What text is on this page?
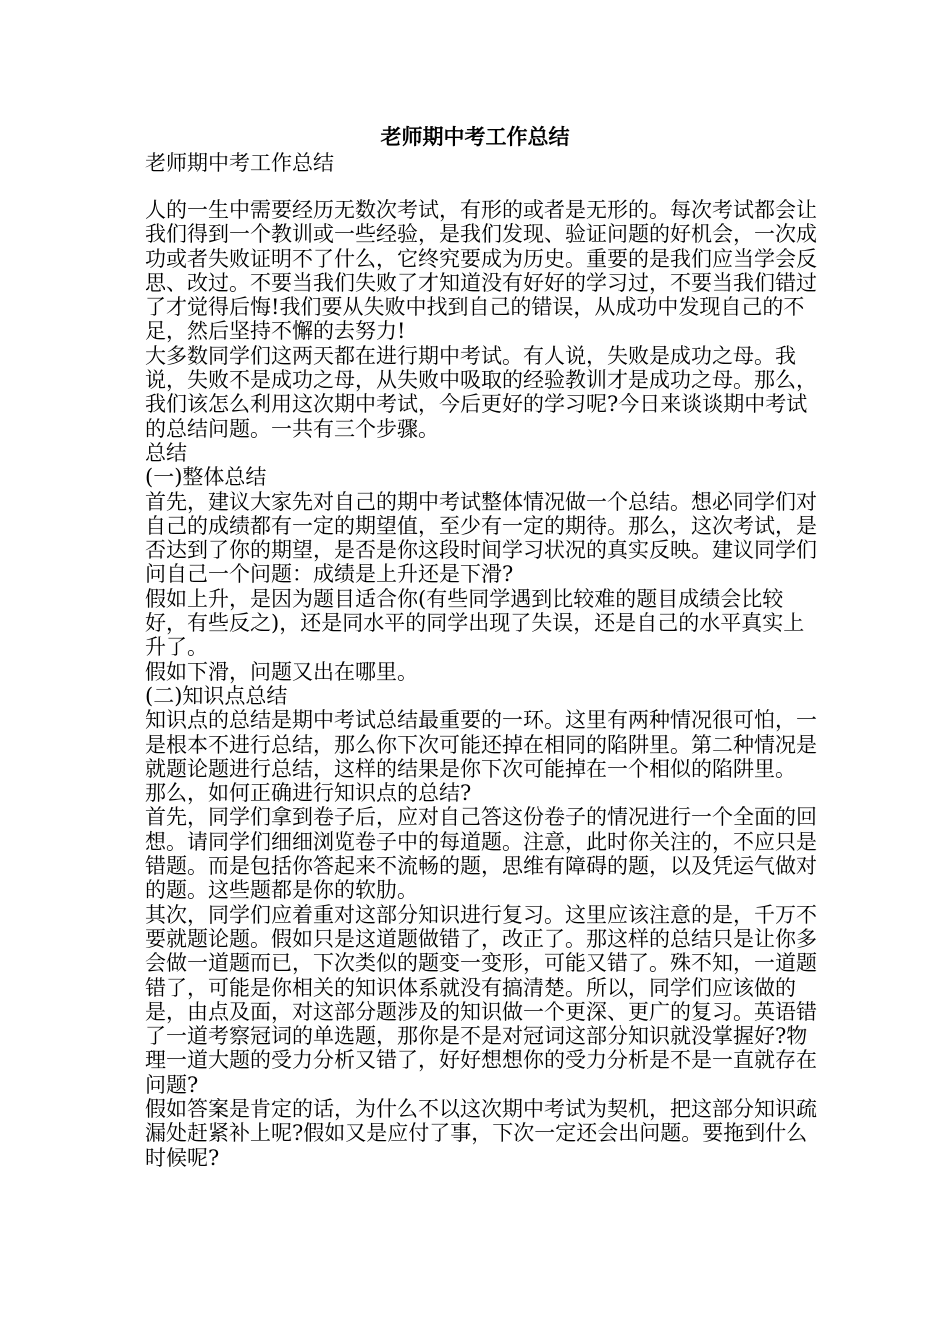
老师期中考工作总结
老师期中考工作总结

人的一生中需要经历无数次考试，有形的或者是无形的。每次考试都会让我们得到一个教训或一些经验，是我们发现、验证问题的好机会，一次成功或者失败证明不了什么，它终究要成为历史。重要的是我们应当学会反思、改过。不要当我们失败了才知道没有好好的学习过，不要当我们错过了才觉得后悔!我们要从失败中找到自己的错误，从成功中发现自己的不足，然后坚持不懈的去努力!

大多数同学们这两天都在进行期中考试。有人说，失败是成功之母。我说，失败不是成功之母，从失败中吸取的经验教训才是成功之母。那么，我们该怎么利用这次期中考试，今后更好的学习呢?今日来谈谈期中考试的总结问题。一共有三个步骤。

总结

(一)整体总结

首先，建议大家先对自己的期中考试整体情况做一个总结。想必同学们对自己的成绩都有一定的期望值，至少有一定的期待。那么，这次考试，是否达到了你的期望，是否是你这段时间学习状况的真实反映。建议同学们问自己一个问题：成绩是上升还是下滑?

假如上升，是因为题目适合你(有些同学遇到比较难的题目成绩会比较好，有些反之)，还是同水平的同学出现了失误，还是自己的水平真实上升了。

假如下滑，问题又出在哪里。

(二)知识点总结

知识点的总结是期中考试总结最重要的一环。这里有两种情况很可怕，一是根本不进行总结，那么你下次可能还掉在相同的陷阱里。第二种情况是就题论题进行总结，这样的结果是你下次可能掉在一个相似的陷阱里。

那么，如何正确进行知识点的总结?

首先，同学们拿到卷子后，应对自己答这份卷子的情况进行一个全面的回想。请同学们细细浏览卷子中的每道题。注意，此时你关注的，不应只是错题。而是包括你答起来不流畅的题，思维有障碍的题，以及凭运气做对的题。这些题都是你的软肋。

其次，同学们应着重对这部分知识进行复习。这里应该注意的是，千万不要就题论题。假如只是这道题做错了，改正了。那这样的总结只是让你多会做一道题而已，下次类似的题变一变形，可能又错了。殊不知，一道题错了，可能是你相关的知识体系就没有搞清楚。所以，同学们应该做的是，由点及面，对这部分题涉及的知识做一个更深、更广的复习。英语错了一道考察冠词的单选题，那你是不是对冠词这部分知识就没掌握好?物理一道大题的受力分析又错了，好好想想你的受力分析是不是一直就存在问题?

假如答案是肯定的话，为什么不以这次期中考试为契机，把这部分知识疏漏处赶紧补上呢?假如又是应付了事，下次一定还会出问题。要拖到什么时候呢?
